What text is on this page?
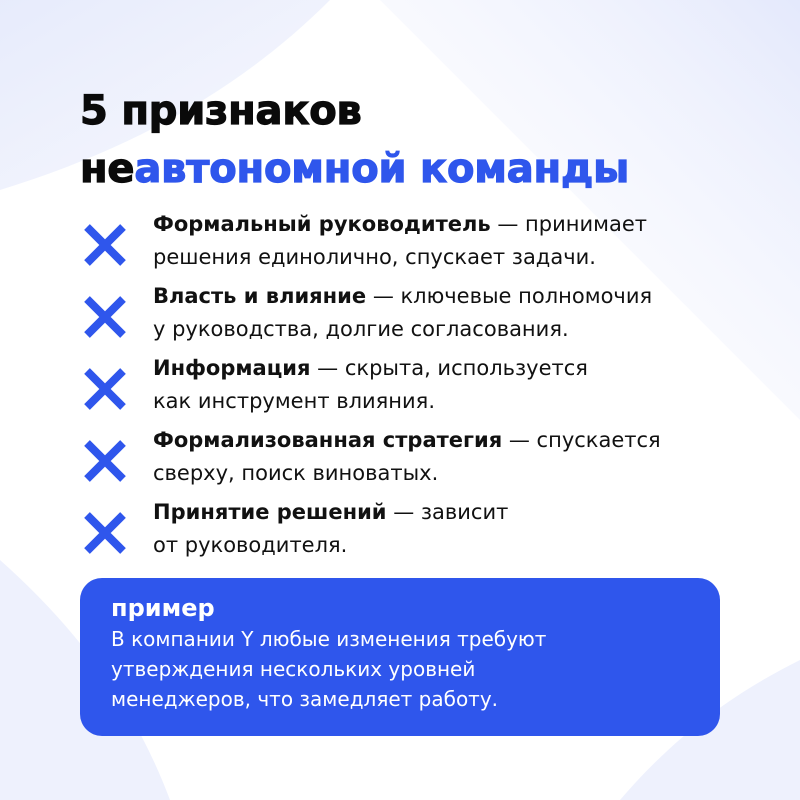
5 признаков
неавтономной команды
Формальный руководитель — принимает
решения единолично, спускает задачи.
Власть и влияние — ключевые полномочия
у руководства, долгие согласования.
Информация — скрыта, используется
как инструмент влияния.
Формализованная стратегия — спускается
сверху, поиск виноватых.
Принятие решений — зависит
от руководителя.
пример
В компании Y любые изменения требуют
утверждения нескольких уровней
менеджеров, что замедляет работу.
